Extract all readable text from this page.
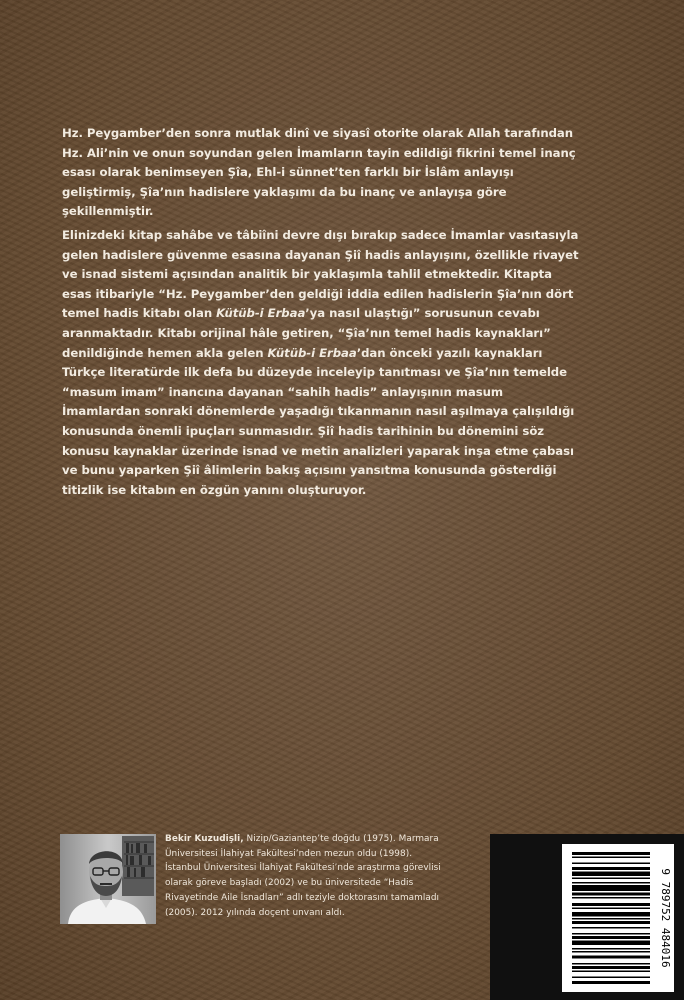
Hz. Peygamber’den sonra mutlak dinî ve siyasî otorite olarak Allah tarafından Hz. Ali’nin ve onun soyundan gelen İmamların tayin edildiği fikrini temel inanç esası olarak benimseyen Şîa, Ehl-i sünnet’ten farklı bir İslâm anlayışı geliştirmiş, Şîa’nın hadislere yaklaşımı da bu inanç ve anlayışa göre şekillenmiştir.

Elinizdeki kitap sahâbe ve tâbiîni devre dışı bırakıp sadece İmamlar vasıtasıyla gelen hadislere güvenme esasına dayanan Şiî hadis anlayışını, özellikle rivayet ve isnad sistemi açısından analitik bir yaklaşımla tahlil etmektedir. Kitapta esas itibariyle “Hz. Peygamber’den geldiği iddia edilen hadislerin Şîa’nın dört temel hadis kitabı olan Kütüb-i Erbaa’ya nasıl ulaştığı” sorusunun cevabı aranmaktadır. Kitabı orijinal hâle getiren, “Şîa’nın temel hadis kaynakları” denildiğinde hemen akla gelen Kütüb-i Erbaa’dan önceki yazılı kaynakları Türkçe literatürde ilk defa bu düzeyde inceleyip tanıtması ve Şîa’nın temelde “masum imam” inancına dayanan “sahih hadis” anlayışının masum İmamlardan sonraki dönemlerde yaşadığı tıkanmanın nasıl aşılmaya çalışıldığı konusunda önemli ipuçları sunmasıdır. Şiî hadis tarihinin bu dönemini söz konusu kaynaklar üzerinde isnad ve metin analizleri yaparak inşa etme çabası ve bunu yaparken Şiî âlimlerin bakış açısını yansıtma konusunda gösterdiği titizlik ise kitabın en özgün yanını oluşturuyor.

Bekir Kuzudişli, Nizip/Gaziantep’te doğdu (1975). Marmara Üniversitesi İlahiyat Fakültesi’nden mezun oldu (1998). İstanbul Üniversitesi İlahiyat Fakültesi’nde araştırma görevlisi olarak göreve başladı (2002) ve bu üniversitede “Hadis Rivayetinde Aile İsnadları” adlı teziyle doktorasını tamamladı (2005). 2012 yılında doçent unvanı aldı.	9 789752 484016
